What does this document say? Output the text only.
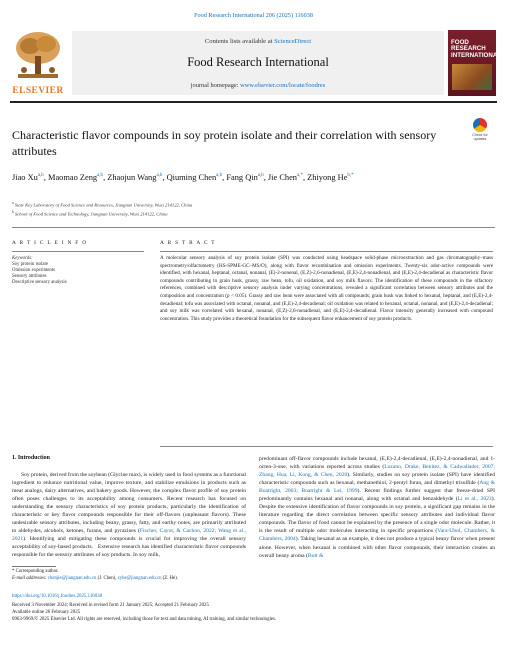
Food Research International 206 (2025) 116038
ELSEVIER
Contents lists available at ScienceDirect
Food Research International
journal homepage: www.elsevier.com/locate/foodres
FOOD RESEARCH INTERNATIONAL
Characteristic flavor compounds in soy protein isolate and their correlation with sensory attributes
Check for updates
Jiao Xu$^{a,b}$, Maomao Zeng$^{a,b}$, Zhaojun Wang$^{a,b}$, Qiuming Chen$^{a,b}$, Fang Qin$^{a,b}$, Jie Chen$^{a,*}$, Zhiyong $He^{b,*}$
$^a$ State Key Laboratory of Food Science and Resources, Jiangnan University, Wuxi 214122, China
$^b$ School of Food Science and Technology, Jiangnan University, Wuxi 214122, China
A R T I C L E I N F O
Keywords:
Soy protein isolate
Omission experiments
Sensory attributes
Descriptive sensory analysis
A B S T R A C T
A molecular sensory analysis of soy protein isolate (SPI) was conducted using headspace solid-phase microextraction and gas chromatography–mass spectrometry/olfactometry (HS-SPME-GC–MS/O), along with flavor recombination and omission experiments. Twenty-six odor-active compounds were identified, with hexanal, heptanal, octanal, nonanal, (E)-2-nonenal, (E,Z)-2,6-nonadienal, (E,E)-2,4-nonadienal, and (E,E)-2,4-decadienal as characteristic flavor compounds contributing to grain husk, grassy, raw bean, tofu, oil oxidation, and soy milk flavors. The identification of these compounds in the olfactory references, combined with descriptive sensory analysis under varying concentrations, revealed a significant correlation between sensory attributes and the composition and concentration (p < 0.05). Grassy and raw bean were associated with all compounds; grain husk was linked to hexanal, heptanal, and (E,E)-2,4-decadienal; tofu was associated with octanal, nonanal, and (E,E)-2,4-decadienal; oil oxidation was related to hexanal, octanal, nonanal, and (E,E)-2,4-decadienal; and soy milk was correlated with hexanal, nonanal, (E,Z)-2,6-nonadienal, and (E,E)-2,4-decadienal. Flavor intensity generally increased with compound concentration. This study provides a theoretical foundation for the subsequent flavor enhancement of soy protein products.
1. Introduction
Soy protein, derived from the soybean (Glycine max), is widely used in food systems as a functional ingredient to enhance nutritional value, improve texture, and stabilize emulsions in products such as meat analogs, dairy alternatives, and bakery goods. However, the complex flavor profile of soy protein often poses challenges to its acceptability among consumers. Recent research has focused on understanding the sensory characteristics of soy protein products, particularly the identification of characteristic or key flavor compounds responsible for their off-flavors (unpleasant flavors). These undesirable sensory attributes, including beany, grassy, fatty, and earthy notes, are primarily attributed to aldehydes, alcohols, ketones, furans, and pyrazines (Fischer, Cayot, & Cachon, 2022; Wang et al., 2021). Identifying and mitigating these compounds is crucial for improving the overall sensory acceptability of soy-based products.   Extensive research has identified characteristic flavor compounds responsible for the sensory attributes of soy products. In soy milk,
predominant off-flavor compounds include hexanal, (E,E)-2,4-decadienal, (E,E)-2,4-nonadienal, and 1-octen-3-one, with variations reported across studies (Lozano, Drake, Benitez, & Cadwallader, 2007; Zhang, Hua, Li, Kong, & Chen, 2020). Similarly, studies on soy protein isolate (SPI) have identified characteristic compounds such as hexanal, methanethiol, 2-pentyl furan, and dimethyl trisulfide (Ang & Boatright, 2003; Boatright & Lei, 1999). Recent findings further suggest that freeze-dried SPI predominantly contains hexanal and nonanal, along with octanal and benzaldehyde (Li et al., 2023). Despite the extensive identification of flavor compounds in soy protein, a significant gap remains in the literature regarding the direct correlation between specific sensory attributes and individual flavor compounds. The flavor of food cannot be explained by the presence of a single odor molecule. Rather, it is the result of multiple odor molecules interacting in specific proportions (Vara-Ubol, Chambers, & Chambers, 2004). Taking hexanal as an example, it does not produce a typical beany flavor when present alone. However, when hexanal is combined with other flavor compounds, their interaction creates an overall beany aroma (Bott &
* Corresponding author.
E-mail addresses: chenjie@jiangnan.edu.cn (J. Chen), zyhe@jiangnan.edu.cn (Z. He).
https://doi.org/10.1016/j.foodres.2025.116038
Received 3 November 2024; Received in revised form 21 January 2025; Accepted 21 February 2025
Available online 26 February 2025
0963-9969/© 2025 Elsevier Ltd. All rights are reserved, including those for text and data mining, AI training, and similar technologies.
